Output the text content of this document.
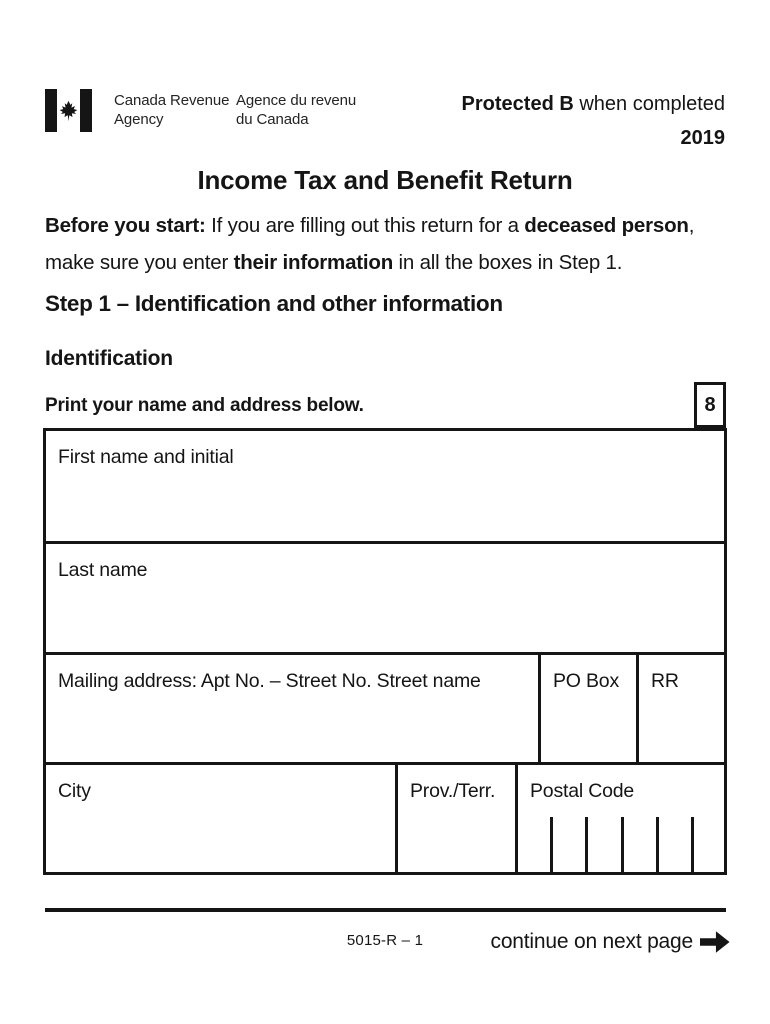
Canada Revenue
Agency
Agence du revenu
du Canada
Protected B when completed
2019
Income Tax and Benefit Return
Before you start: If you are filling out this return for a deceased person,
make sure you enter their information in all the boxes in Step 1.
Step 1 – Identification and other information
Identification
Print your name and address below.	8
First name and initial
Last name
Mailing address: Apt No. – Street No. Street name	PO Box	RR
City	Prov./Terr.	Postal Code
5015-R – 1	continue on next page
